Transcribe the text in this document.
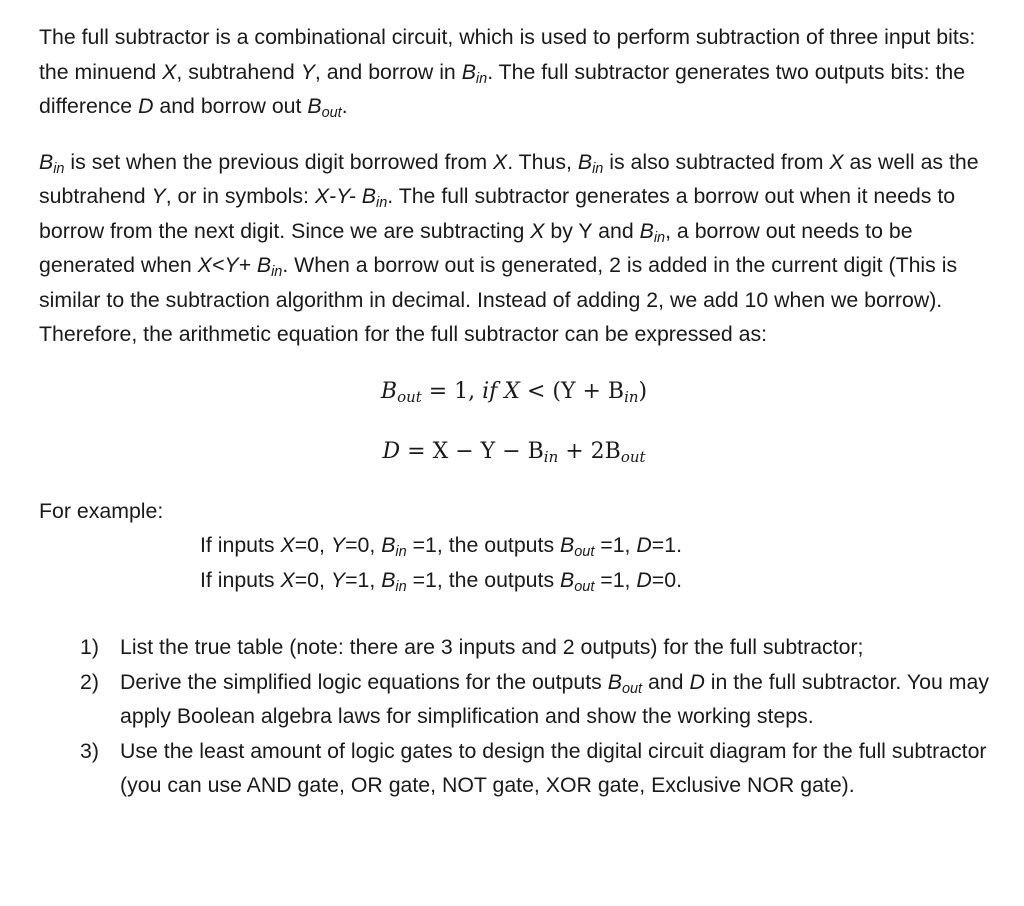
The full subtractor is a combinational circuit, which is used to perform subtraction of three input bits: the minuend X, subtrahend Y, and borrow in $B_{in}$. The full subtractor generates two outputs bits: the difference D and borrow out $B_{out}$.

$B_{in}$ is set when the previous digit borrowed from X. Thus, $B_{in}$ is also subtracted from X as well as the subtrahend Y, or in symbols: X-Y- $B_{in}$. The full subtractor generates a borrow out when it needs to borrow from the next digit. Since we are subtracting X by Y and $B_{in}$, a borrow out needs to be generated when $X<Y+ B_{in}$. When a borrow out is generated, 2 is added in the current digit (This is similar to the subtraction algorithm in decimal. Instead of adding 2, we add 10 when we borrow). Therefore, the arithmetic equation for the full subtractor can be expressed as:

$B_{out} = 1$, if $X < (Y + B_{in})$
$D = X - Y - B_{in} + 2B_{out}$
For example:

If inputs X=0, Y=0, $B_{in} =1$, the outputs $B_{out} =1$, D=1.

If inputs X=0, Y=1, $B_{in} =1$, the outputs $B_{out} =1$, D=0.

1) List the true table (note: there are 3 inputs and 2 outputs) for the full subtractor;
2) Derive the simplified logic equations for the outputs $B_{out}$ and D in the full subtractor. You may apply Boolean algebra laws for simplification and show the working steps.
3) Use the least amount of logic gates to design the digital circuit diagram for the full subtractor (you can use AND gate, OR gate, NOT gate, XOR gate, Exclusive NOR gate).
